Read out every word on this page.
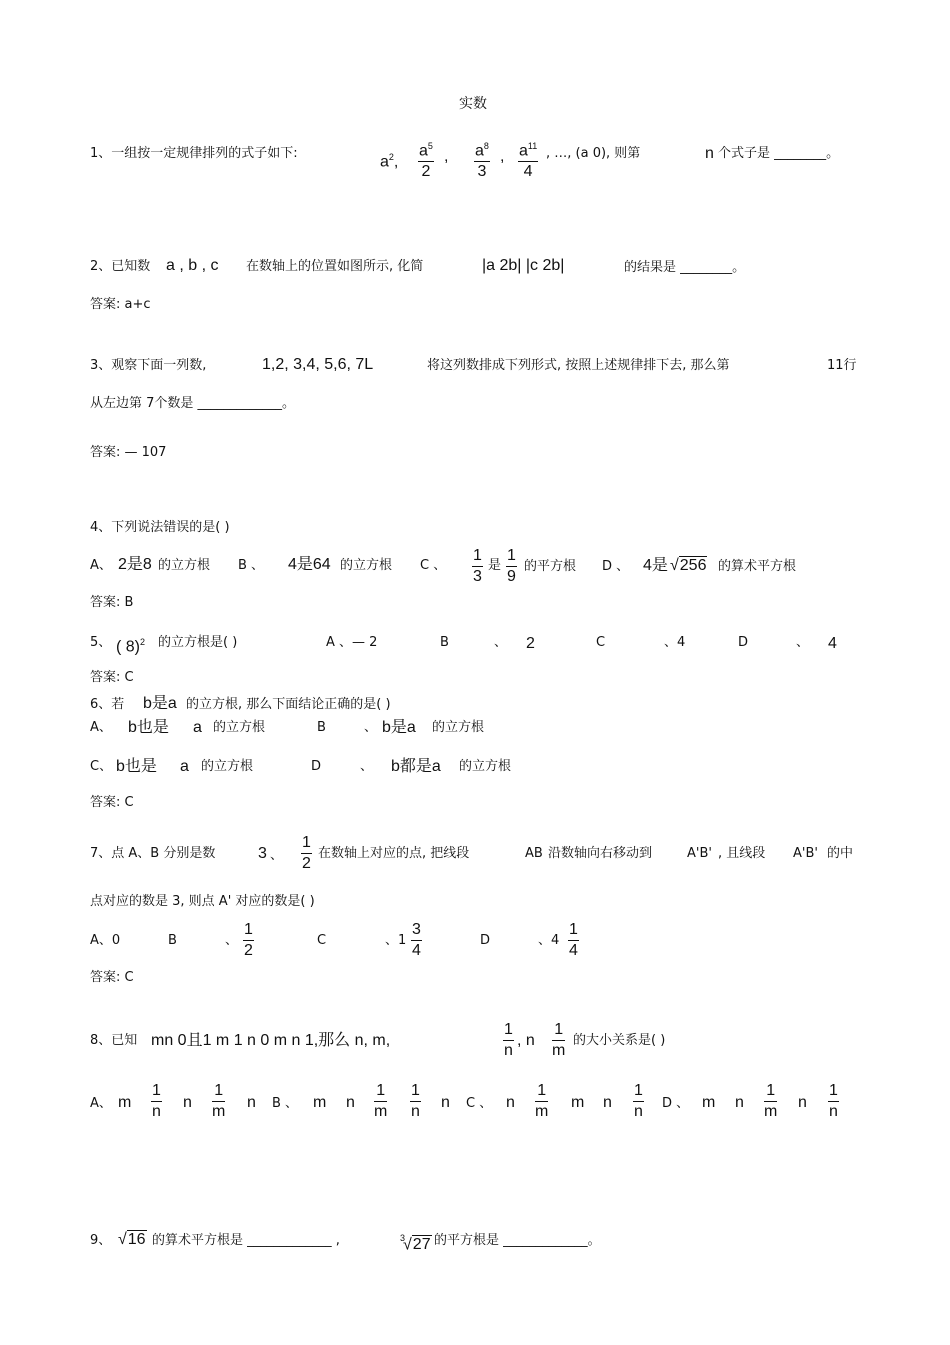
实数
1、一组按一定规律排列的式子如下:	$a^2$,
$a^5$
2
, $a^8$
3
, $a^{11}$
4
, …, (a 0), 则第	n 个式子是 ________。
2、已知数 a , b , c 在数轴上的位置如图所示, 化简	|a 2b| |c 2b|	的结果是 ________。
答案: a+c
3、观察下面一列数,	1,2, 3,4, 5,6, 7L	将这列数排成下列形式, 按照上述规律排下去, 那么第	11行
从左边第 7个数是 _____________。
答案: — 107
4、下列说法错误的是( )
A、 2是8 的立方根 B 、 4是64 的立方根 C 、
1
3
是
1
9
的平方根 D 、 4是 √256 的算术平方根
答案: B
5、 ( 8)$^2$ 的立方根是( )	A 、— 2	B	、 2	C	、4	D	、 4
答案: C
6、若 b是a 的立方根, 那么下面结论正确的是( )
A、 b也是 a 的立方根	B	、 b是a 的立方根
C、 b也是 a 的立方根	D	、 b都是a 的立方根
答案: C
7、点 A、B 分别是数	3 、
1
2
在数轴上对应的点, 把线段	AB 沿数轴向右移动到	A'B' , 且线段 A'B' 的中
点对应的数是 3, 则点 A' 对应的数是( )
A、0	B	、
1
2
C	、1
3
4
D	、4
1
4
答案: C
8、已知 mn 0且1 m 1 n 0 m n 1,那么 n, m,
1
n
, n
1
m
的大小关系是( )
A、 m
1
n
n
1
m
n B 、 m n
1
m
1
n
n C 、 n
1
m
m n
1
n D 、 m n
1
m
n
1
n
9、 √16 的算术平方根是 _____________ ,	$^3$√27 的平方根是 _____________。
